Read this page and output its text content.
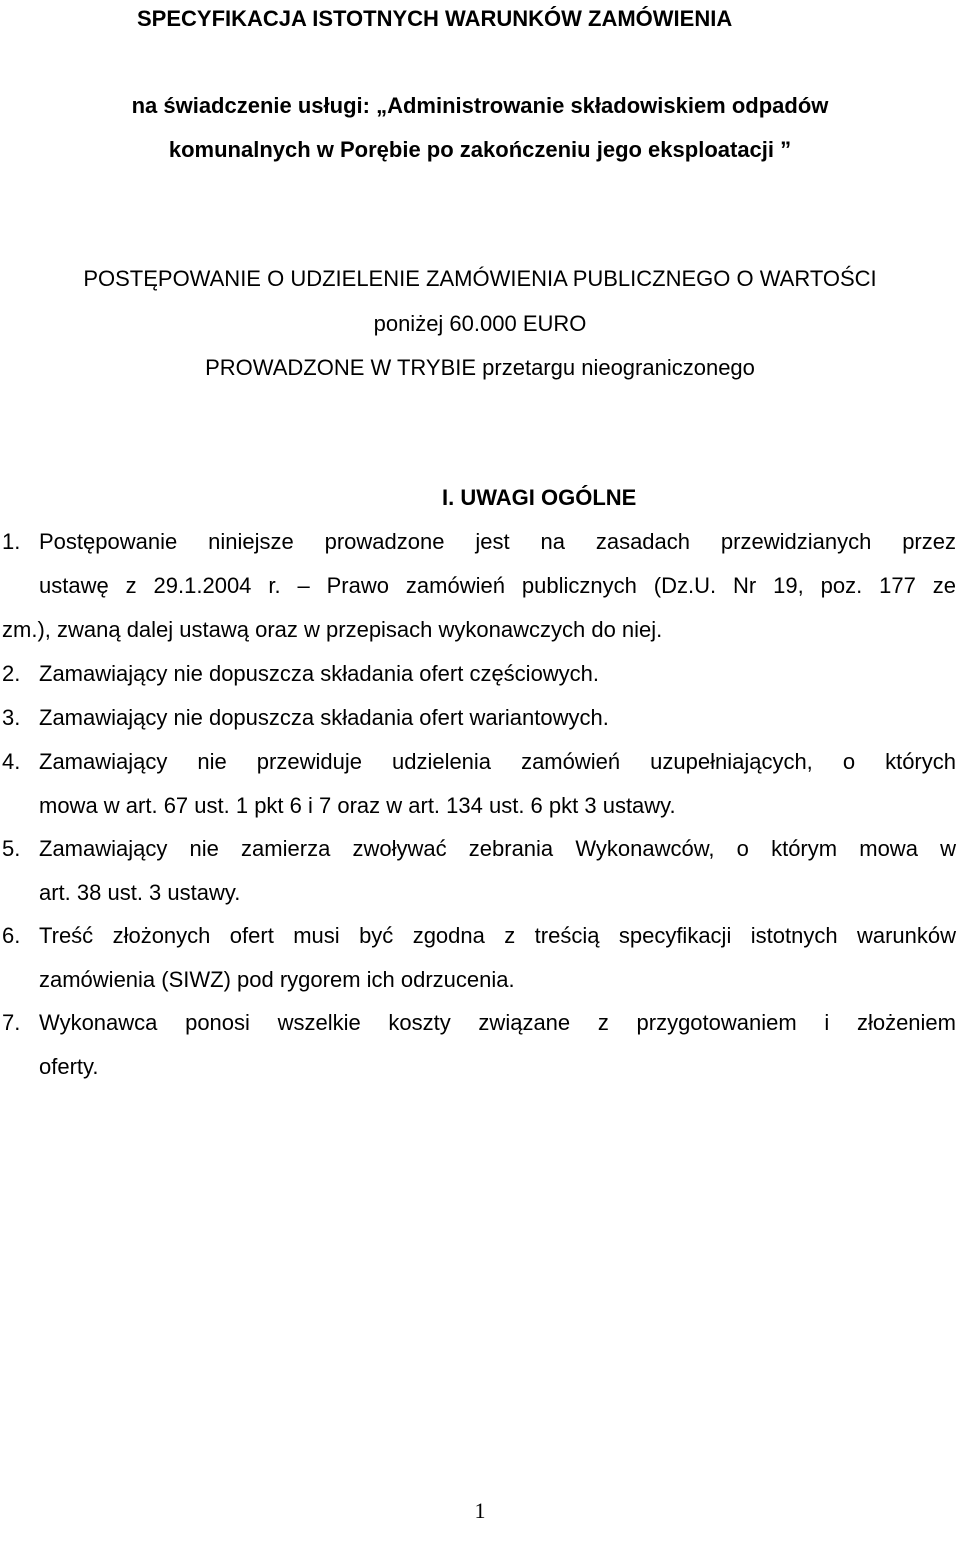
SPECYFIKACJA ISTOTNYCH WARUNKÓW ZAMÓWIENIA
na świadczenie usługi: „Administrowanie składowiskiem odpadów
komunalnych w Porębie po zakończeniu jego eksploatacji ”
POSTĘPOWANIE O UDZIELENIE ZAMÓWIENIA PUBLICZNEGO O WARTOŚCI
poniżej 60.000 EURO
PROWADZONE W TRYBIE przetargu nieograniczonego
I. UWAGI OGÓLNE
1. Postępowanie niniejsze prowadzone jest na zasadach przewidzianych przez
ustawę z 29.1.2004 r. – Prawo zamówień publicznych (Dz.U. Nr 19, poz. 177 ze
zm.), zwaną dalej ustawą oraz w przepisach wykonawczych do niej.
2. Zamawiający nie dopuszcza składania ofert częściowych.
3. Zamawiający nie dopuszcza składania ofert wariantowych.
4. Zamawiający nie przewiduje udzielenia zamówień uzupełniających, o których
mowa w art. 67 ust. 1 pkt 6 i 7 oraz w art. 134 ust. 6 pkt 3 ustawy.
5. Zamawiający nie zamierza zwoływać zebrania Wykonawców, o którym mowa w
art. 38 ust. 3 ustawy.
6. Treść złożonych ofert musi być zgodna z treścią specyfikacji istotnych warunków
zamówienia (SIWZ) pod rygorem ich odrzucenia.
7. Wykonawca ponosi wszelkie koszty związane z przygotowaniem i złożeniem
oferty.
1
